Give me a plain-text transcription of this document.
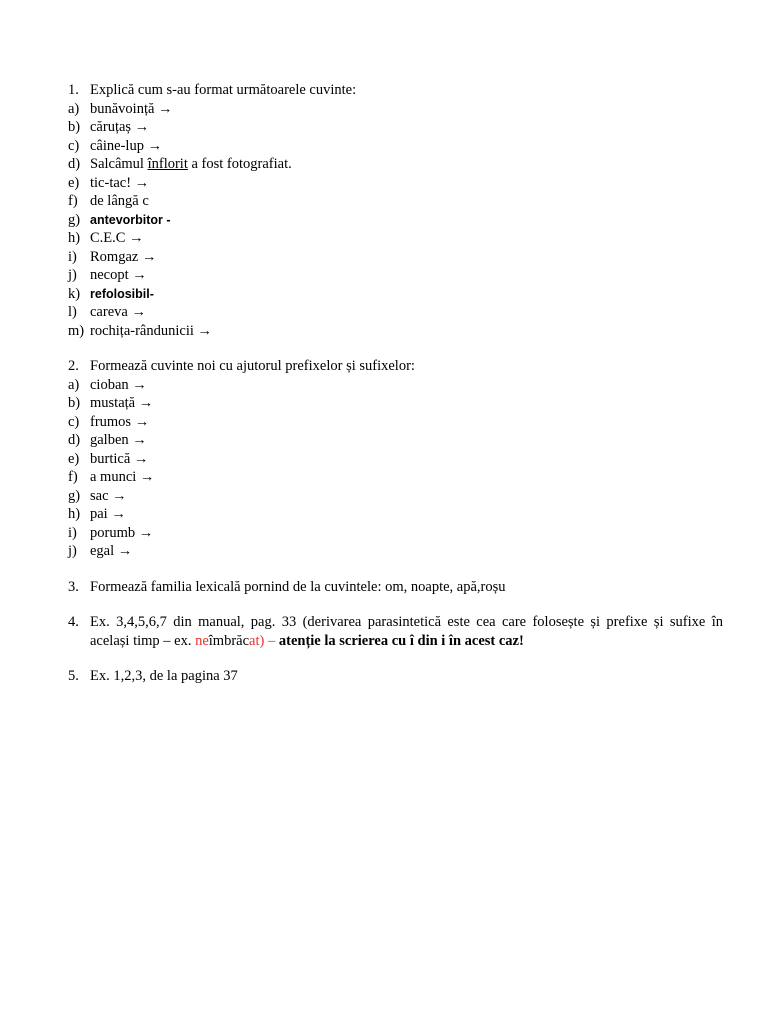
1. Explică cum s-au format următoarele cuvinte:
a) bunăvoință →
b) căruțaș →
c) câine-lup →
d) Salcâmul înflorit a fost fotografiat.
e) tic-tac! →
f) de lângă c
g) antevorbitor -
h) C.E.C →
i) Romgaz →
j) necopt →
k) refolosibil-
l) careva →
m) rochița-rândunicii →
2. Formează cuvinte noi cu ajutorul prefixelor și sufixelor:
a) cioban →
b) mustață →
c) frumos →
d) galben →
e) burtică →
f) a munci →
g) sac →
h) pai →
i) porumb →
j) egal →
3. Formează familia lexicală pornind de la cuvintele: om, noapte, apă,roșu
4. Ex. 3,4,5,6,7 din manual, pag. 33 (derivarea parasintetică este cea care folosește și prefixe și sufixe în
același timp – ex. neîmbrăcat) – atenție la scrierea cu î din i în acest caz!
5. Ex. 1,2,3, de la pagina 37
